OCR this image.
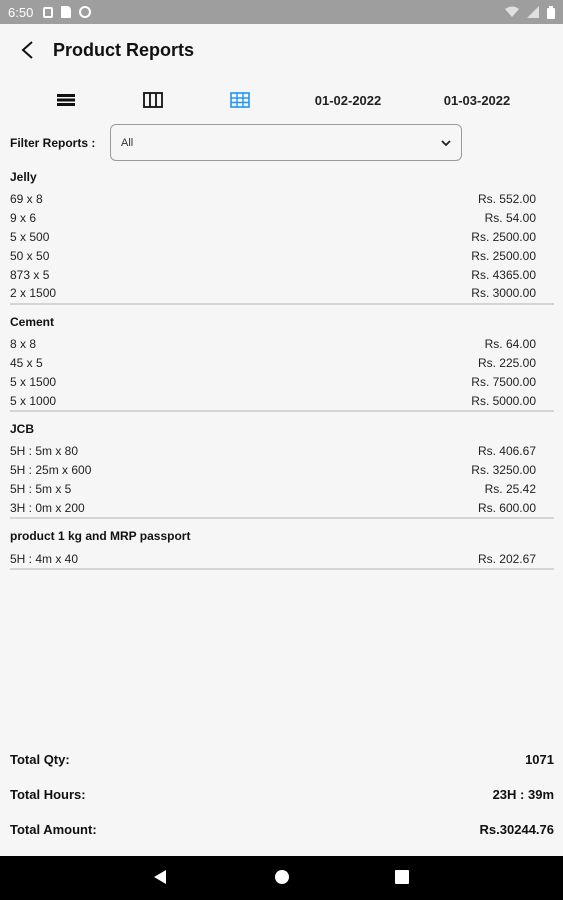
6:50
Product Reports
01-02-2022	01-03-2022
Filter Reports : All
Jelly
69 x 8	Rs. 552.00
9 x 6	Rs. 54.00
5 x 500	Rs. 2500.00
50 x 50	Rs. 2500.00
873 x 5	Rs. 4365.00
2 x 1500	Rs. 3000.00
Cement
8 x 8	Rs. 64.00
45 x 5	Rs. 225.00
5 x 1500	Rs. 7500.00
5 x 1000	Rs. 5000.00
JCB
5H : 5m x 80	Rs. 406.67
5H : 25m x 600	Rs. 3250.00
5H : 5m x 5	Rs. 25.42
3H : 0m x 200	Rs. 600.00
product 1 kg and MRP passport
5H : 4m x 40	Rs. 202.67
Total Qty:	1071
Total Hours:	23H : 39m
Total Amount:	Rs.30244.76
